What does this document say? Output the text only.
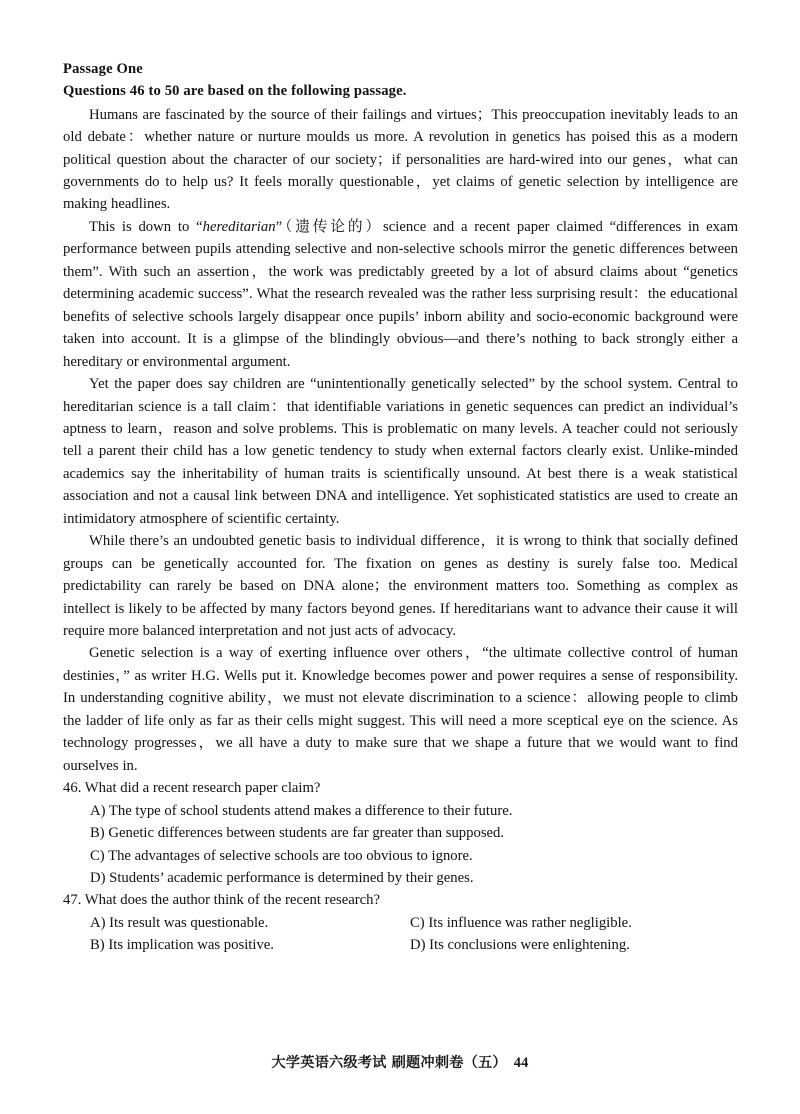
Passage One
Questions 46 to 50 are based on the following passage.

Humans are fascinated by the source of their failings and virtues；This preoccupation inevitably leads to an old debate：whether nature or nurture moulds us more. A revolution in genetics has poised this as a modern political question about the character of our society；if personalities are hard-wired into our genes，what can governments do to help us? It feels morally questionable，yet claims of genetic selection by intelligence are making headlines.

This is down to “hereditarian”（遗传论的）science and a recent paper claimed “differences in exam performance between pupils attending selective and non-selective schools mirror the genetic differences between them”. With such an assertion，the work was predictably greeted by a lot of absurd claims about “genetics determining academic success”. What the research revealed was the rather less surprising result：the educational benefits of selective schools largely disappear once pupils’ inborn ability and socio-economic background were taken into account. It is a glimpse of the blindingly obvious—and there’s nothing to back strongly either a hereditary or environmental argument.

Yet the paper does say children are “unintentionally genetically selected” by the school system. Central to hereditarian science is a tall claim：that identifiable variations in genetic sequences can predict an individual’s aptness to learn，reason and solve problems. This is problematic on many levels. A teacher could not seriously tell a parent their child has a low genetic tendency to study when external factors clearly exist. Unlike-minded academics say the inheritability of human traits is scientifically unsound. At best there is a weak statistical association and not a causal link between DNA and intelligence. Yet sophisticated statistics are used to create an intimidatory atmosphere of scientific certainty.

While there’s an undoubted genetic basis to individual difference，it is wrong to think that socially defined groups can be genetically accounted for. The fixation on genes as destiny is surely false too. Medical predictability can rarely be based on DNA alone；the environment matters too. Something as complex as intellect is likely to be affected by many factors beyond genes. If hereditarians want to advance their cause it will require more balanced interpretation and not just acts of advocacy.

Genetic selection is a way of exerting influence over others，“the ultimate collective control of human destinies，” as writer H.G. Wells put it. Knowledge becomes power and power requires a sense of responsibility. In understanding cognitive ability，we must not elevate discrimination to a science：allowing people to climb the ladder of life only as far as their cells might suggest. This will need a more sceptical eye on the science. As technology progresses，we all have a duty to make sure that we shape a future that we would want to find ourselves in.

46. What did a recent research paper claim?

A) The type of school students attend makes a difference to their future.
B) Genetic differences between students are far greater than supposed.
C) The advantages of selective schools are too obvious to ignore.
D) Students’ academic performance is determined by their genes.

47. What does the author think of the recent research?

A) Its result was questionable.	C) Its influence was rather negligible.
B) Its implication was positive.	D) Its conclusions were enlightening.
大学英语六级考试 刷题冲刺卷（五） 44
